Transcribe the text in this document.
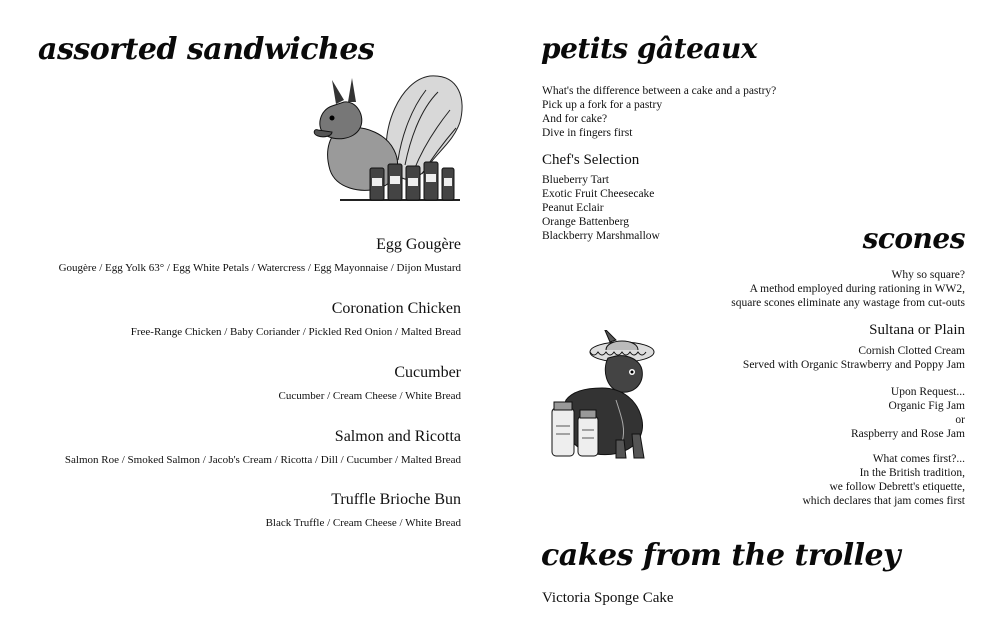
assorted sandwiches
Egg Gougère
Gougère / Egg Yolk 63° / Egg White Petals / Watercress / Egg Mayonnaise / Dijon Mustard
Coronation Chicken
Free-Range Chicken / Baby Coriander / Pickled Red Onion / Malted Bread
Cucumber
Cucumber / Cream Cheese / White Bread
Salmon and Ricotta
Salmon Roe / Smoked Salmon / Jacob's Cream / Ricotta / Dill / Cucumber / Malted Bread
Truffle Brioche Bun
Black Truffle / Cream Cheese / White Bread
petits gâteaux
What's the difference between a cake and a pastry?
Pick up a fork for a pastry
And for cake?
Dive in fingers first
Chef's Selection
Blueberry Tart
Exotic Fruit Cheesecake
Peanut Eclair
Orange Battenberg
Blackberry Marshmallow	scones
Why so square?
A method employed during rationing in WW2,
square scones eliminate any wastage from cut-outs
Sultana or Plain
Cornish Clotted Cream
Served with Organic Strawberry and Poppy Jam
Upon Request...
Organic Fig Jam
or
Raspberry and Rose Jam
What comes first?...
In the British tradition,
we follow Debrett's etiquette,
which declares that jam comes first
cakes from the trolley
Victoria Sponge Cake
